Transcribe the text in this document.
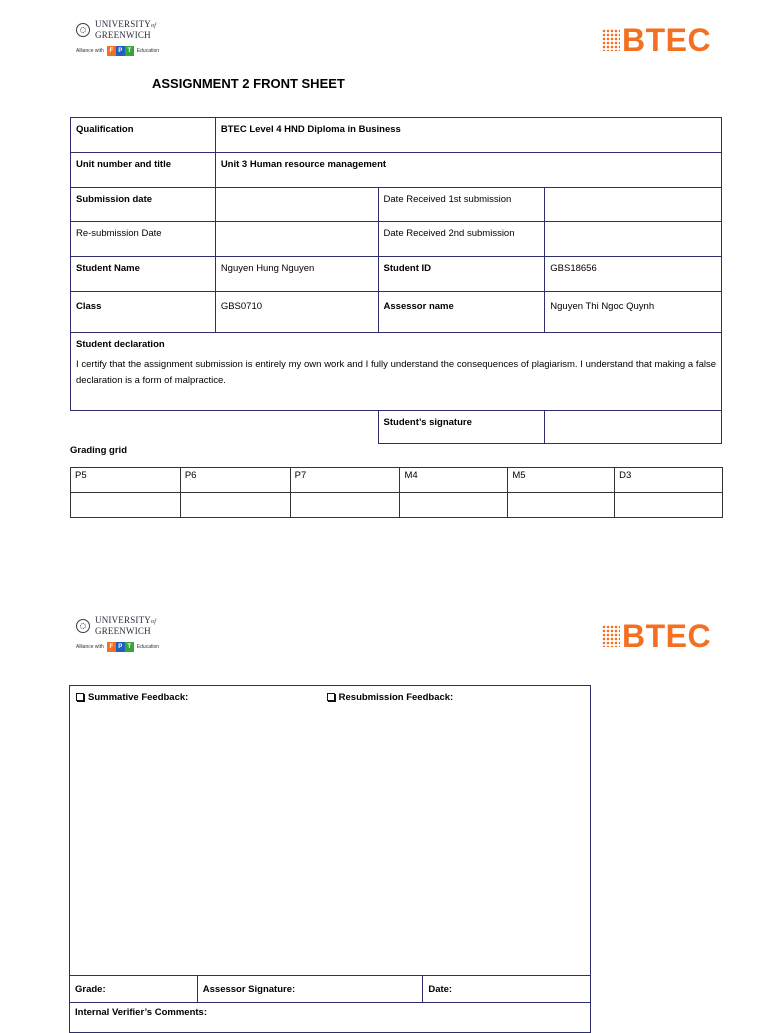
UNIVERSITYof
GREENWICH
Alliance with F P T	Education	BTEC
ASSIGNMENT 2 FRONT SHEET
Qualification	BTEC Level 4 HND Diploma in Business		
Unit number and title	Unit 3 Human resource management		
Submission date		Date Received 1st submission	
Re-submission Date		Date Received 2nd submission	
Student Name	Nguyen Hung Nguyen	Student ID	GBS18656
Class	GBS0710	Assessor name	Nguyen Thi Ngoc Quynh

Student declaration
I certify that the assignment submission is entirely my own work and I fully understand the consequences of plagiarism. I understand that making a false declaration is a form of malpractice.			

		Student’s signature	
Grading grid
P5	P6	P7	M4	M5	D3

UNIVERSITYof
GREENWICH
Alliance with F P T	Education	BTEC
Summative Feedback:	Resubmission Feedback:
Grade:	Assessor Signature:	Date:
Internal Verifier’s Comments:
